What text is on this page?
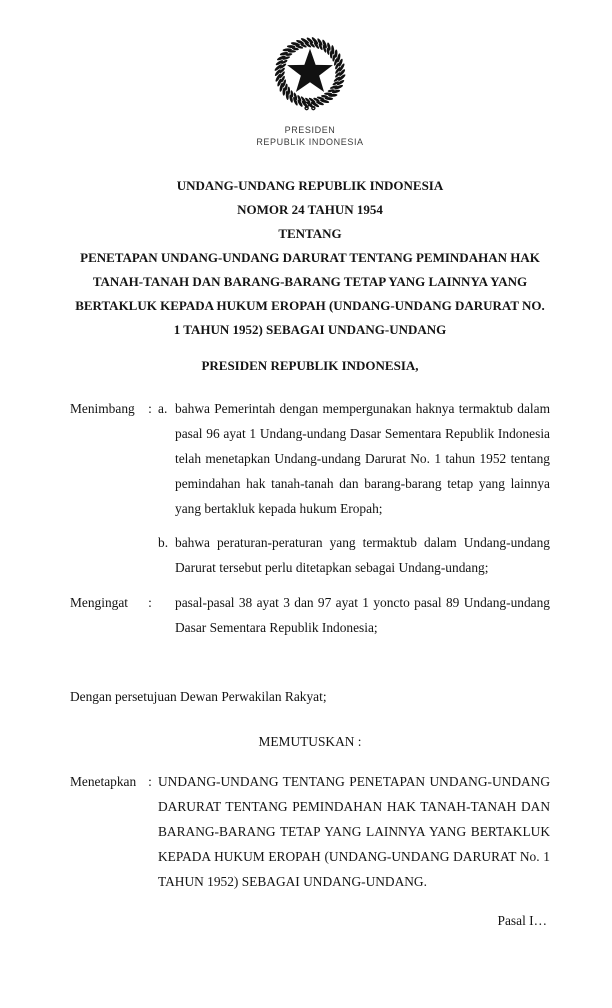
PRESIDEN
REPUBLIK INDONESIA
UNDANG-UNDANG REPUBLIK INDONESIA
NOMOR 24 TAHUN 1954
TENTANG
PENETAPAN UNDANG-UNDANG DARURAT TENTANG PEMINDAHAN HAK TANAH-TANAH DAN BARANG-BARANG TETAP YANG LAINNYA YANG BERTAKLUK KEPADA HUKUM EROPAH (UNDANG-UNDANG DARURAT NO. 1 TAHUN 1952) SEBAGAI UNDANG-UNDANG
PRESIDEN REPUBLIK INDONESIA,
Menimbang	: a. bahwa Pemerintah dengan mempergunakan haknya termaktub dalam pasal 96 ayat 1 Undang-undang Dasar Sementara Republik Indonesia telah menetapkan Undang-undang Darurat No. 1 tahun 1952 tentang pemindahan hak tanah-tanah dan barang-barang tetap yang lainnya yang bertakluk kepada hukum Eropah;

b. bahwa peraturan-peraturan yang termaktub dalam Undang-undang Darurat tersebut perlu ditetapkan sebagai Undang-undang;

Mengingat	:	pasal-pasal 38 ayat 3 dan 97 ayat 1 yoncto pasal 89 Undang-undang Dasar Sementara Republik Indonesia;

Dengan persetujuan Dewan Perwakilan Rakyat;

MEMUTUSKAN :
Menetapkan : UNDANG-UNDANG TENTANG PENETAPAN UNDANG-UNDANG DARURAT TENTANG PEMINDAHAN HAK TANAH-TANAH DAN BARANG-BARANG TETAP YANG LAINNYA YANG BERTAKLUK KEPADA HUKUM EROPAH (UNDANG-UNDANG DARURAT No. 1 TAHUN 1952) SEBAGAI UNDANG-UNDANG.

Pasal I…
